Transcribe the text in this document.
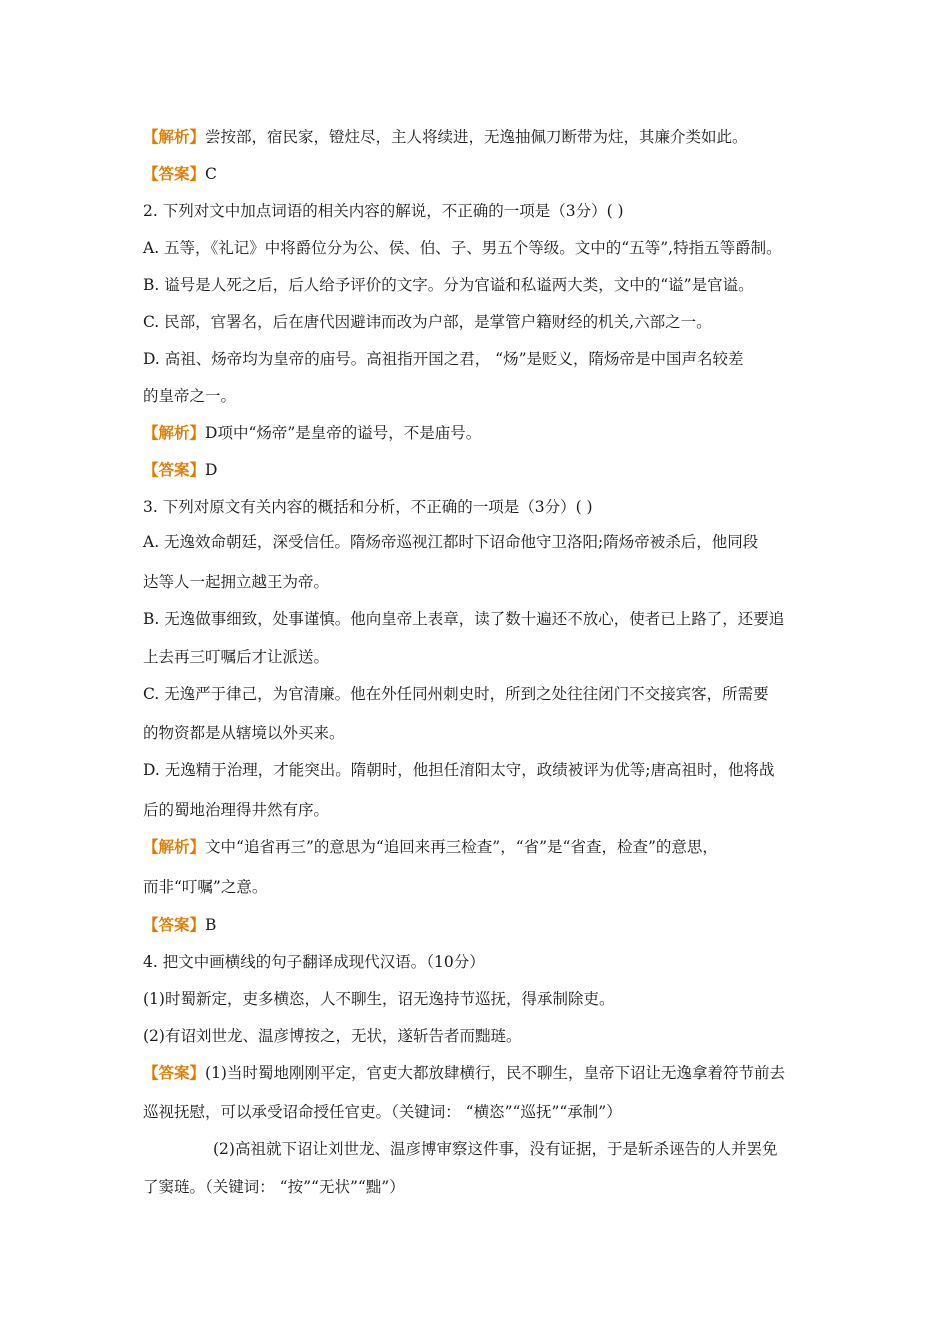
【解析】尝按部，宿民家，镫炷尽，主人将续进，无逸抽佩刀断带为炷，其廉介类如此。
【答案】C
2. 下列对文中加点词语的相关内容的解说，不正确的一项是（3分）( )
A. 五等，《礼记》中将爵位分为公、侯、伯、子、男五个等级。文中的“五等”,特指五等爵制。
B. 谥号是人死之后，后人给予评价的文字。分为官谥和私谥两大类，文中的“谥”是官谥。
C. 民部，官署名，后在唐代因避讳而改为户部，是掌管户籍财经的机关,六部之一。
D. 高祖、炀帝均为皇帝的庙号。高祖指开国之君， “炀”是贬义，隋炀帝是中国声名较差
的皇帝之一。
【解析】D项中“炀帝”是皇帝的谥号，不是庙号。
【答案】D
3. 下列对原文有关内容的概括和分析，不正确的一项是（3分）( )
A. 无逸效命朝廷，深受信任。隋炀帝巡视江都时下诏命他守卫洛阳;隋炀帝被杀后，他同段
达等人一起拥立越王为帝。
B. 无逸做事细致，处事谨慎。他向皇帝上表章，读了数十遍还不放心，使者已上路了，还要追
上去再三叮嘱后才让派送。
C. 无逸严于律己，为官清廉。他在外任同州刺史时，所到之处往往闭门不交接宾客，所需要
的物资都是从辖境以外买来。
D. 无逸精于治理，才能突出。隋朝时，他担任淯阳太守，政绩被评为优等;唐高祖时，他将战
后的蜀地治理得井然有序。
【解析】文中“追省再三”的意思为“追回来再三检查”，“省”是“省查，检查”的意思，
而非“叮嘱”之意。
【答案】B
4. 把文中画横线的句子翻译成现代汉语。（10分）
(1)时蜀新定，吏多横恣，人不聊生，诏无逸持节巡抚，得承制除吏。
(2)有诏刘世龙、温彦博按之，无状，遂斩告者而黜琏。
【答案】(1)当时蜀地刚刚平定，官吏大都放肆横行，民不聊生，皇帝下诏让无逸拿着符节前去
巡视抚慰，可以承受诏命授任官吏。（关键词： “横恣”“巡抚”“承制”）
(2)高祖就下诏让刘世龙、温彦博审察这件事，没有证据，于是斩杀诬告的人并罢免
了窦琏。（关键词： “按”“无状”“黜”）
